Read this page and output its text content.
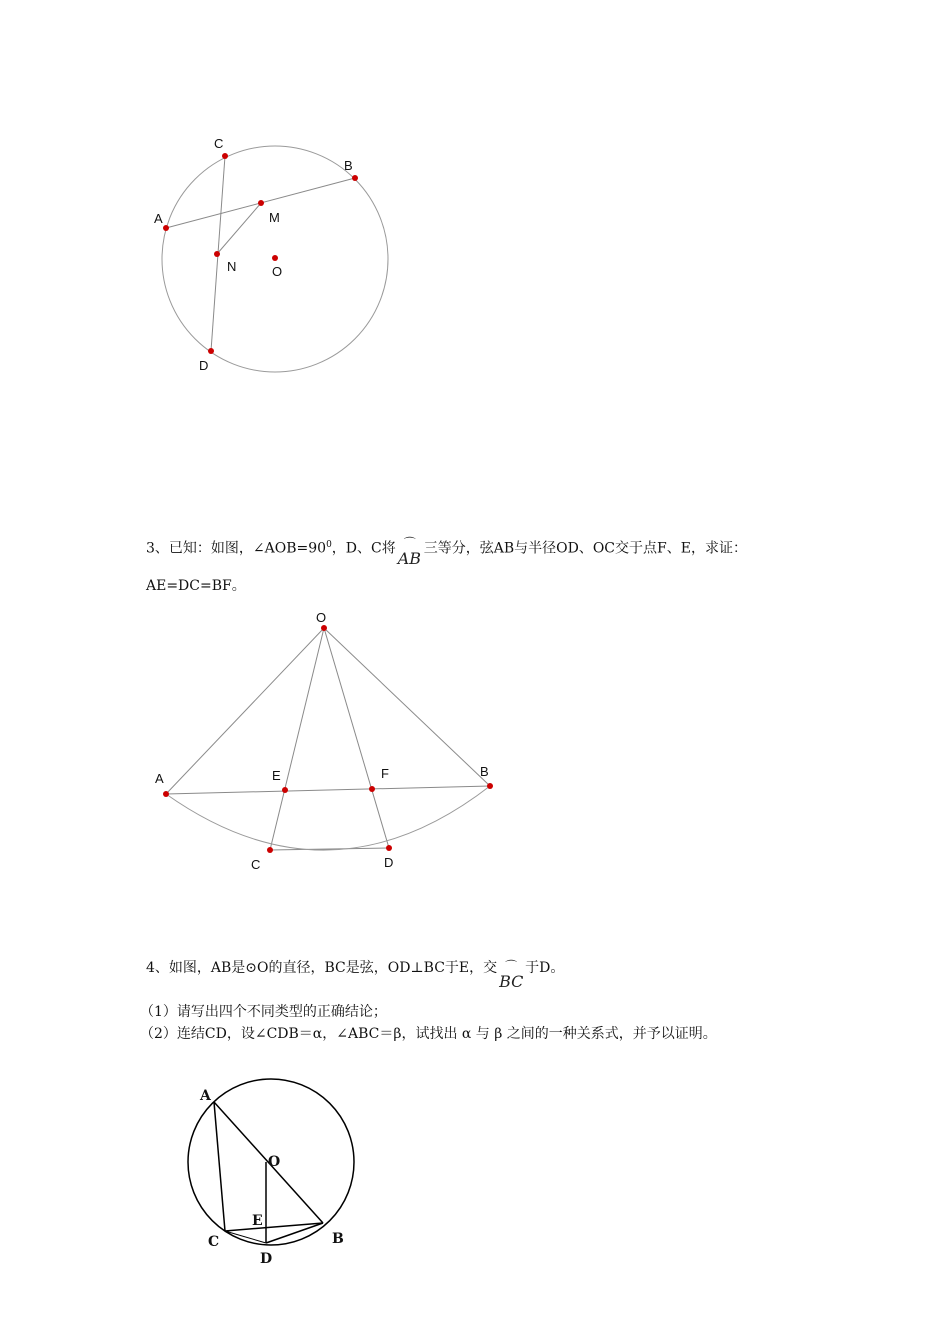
C
B
A	M
N	O
D
3、已知：如图，$\angle AOB=90^0$，D、C将 ⌒
AB
三等分，弦AB与半径OD、OC交于点F、E，求证：
AE=DC=BF。
O
A	E	F	B
C	D
4、如图，AB是⊙O的直径，BC是弦，OD⊥BC于E，交 ⌒
BC
于D。
（1）请写出四个不同类型的正确结论；
（2）连结CD，设∠CDB＝α，∠ABC＝β，试找出 α 与 β 之间的一种关系式，并予以证明。
A
O
E
C
D
B
